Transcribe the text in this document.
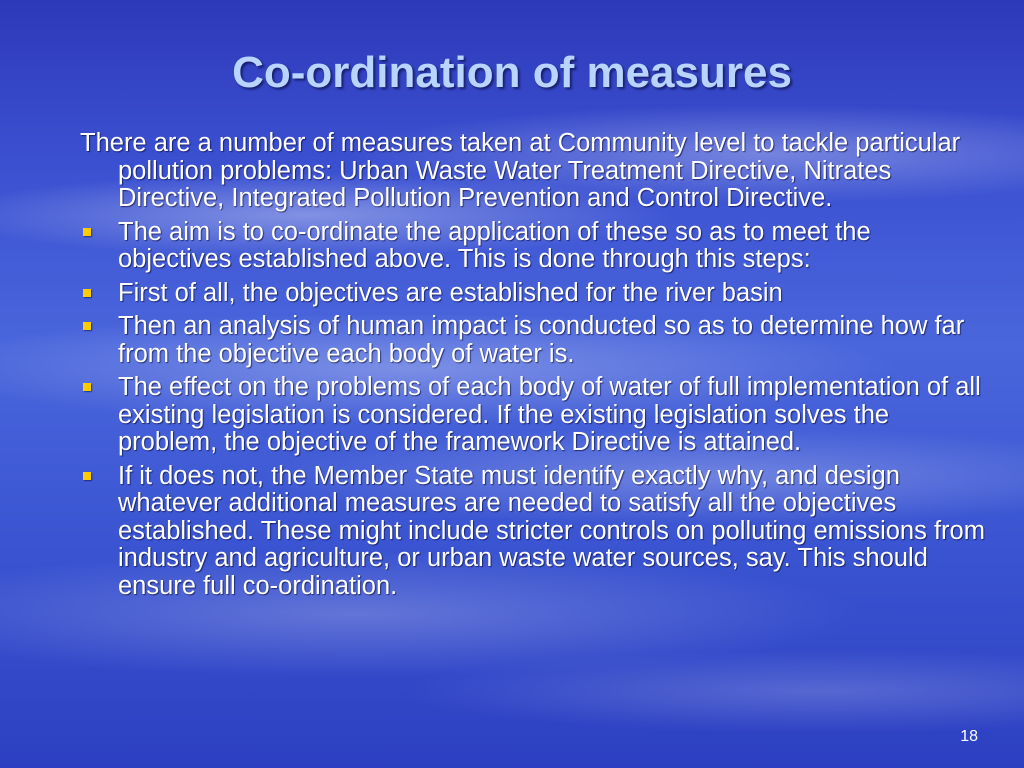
Co-ordination of measures
There are a number of measures taken at Community level to tackle particular pollution problems: Urban Waste Water Treatment Directive, Nitrates Directive, Integrated Pollution Prevention and Control Directive.
The aim is to co-ordinate the application of these so as to meet the objectives established above. This is done through this steps:
First of all, the objectives are established for the river basin
Then an analysis of human impact is conducted so as to determine how far from the objective each body of water is.
The effect on the problems of each body of water of full implementation of all existing legislation is considered. If the existing legislation solves the problem, the objective of the framework Directive is attained.
If it does not, the Member State must identify exactly why, and design whatever additional measures are needed to satisfy all the objectives established. These might include stricter controls on polluting emissions from industry and agriculture, or urban waste water sources, say. This should ensure full co-ordination.
18
